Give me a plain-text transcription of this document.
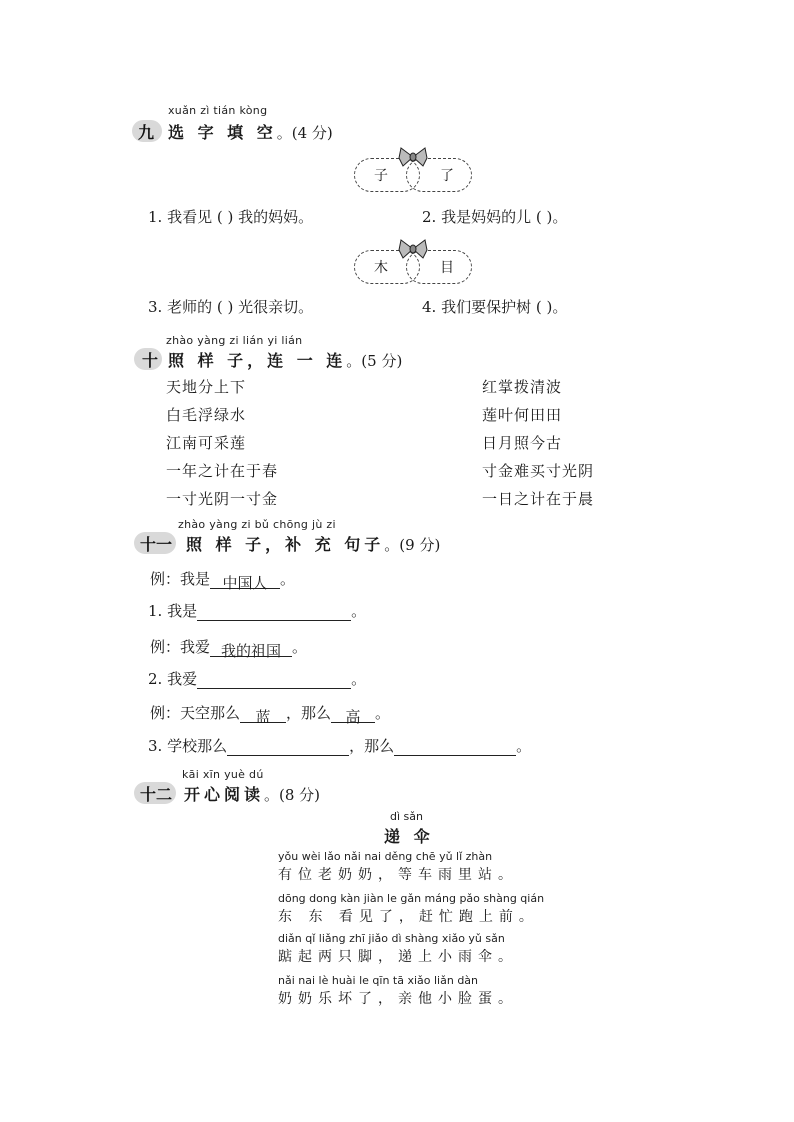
xuǎn zì tián kòng
九 选 字 填 空。(4 分)
子	了
1. 我看见 ( ) 我的妈妈。	2. 我是妈妈的儿 ( )。
木	目
3. 老师的 ( ) 光很亲切。	4. 我们要保护树 ( )。
zhào yàng zi lián yi lián
十 照 样 子，连 一 连。(5 分)
天地分上下
白毛浮绿水
江南可采莲
一年之计在于春
一寸光阴一寸金
红掌拨清波
莲叶何田田
日月照今古
寸金难买寸光阴
一日之计在于晨
zhào yàng zi bǔ chōng jù zi
十一 照 样 子，补 充 句子。(9 分)
例：我是 中国人 。
1. 我是	。
例：我爱 我的祖国 。
2. 我爱	。
例：天空那么 蓝 ，那么 高 。
3. 学校那么	，那么	。
kāi xīn yuè dú
十二 开心阅读。(8 分)
dì sǎn
递 伞
yǒu wèi lǎo nǎi nai děng chē yǔ lǐ zhàn
有位老奶奶，等车雨里站。
dōng dong kàn jiàn le gǎn máng pǎo shàng qián
东 东 看见了，赶忙跑上前。
diǎn qǐ liǎng zhī jiǎo dì shàng xiǎo yǔ sǎn
踮起两只脚，递上小雨伞。
nǎi nai lè huài le qīn tā xiǎo liǎn dàn
奶奶乐坏了，亲他小脸蛋。
